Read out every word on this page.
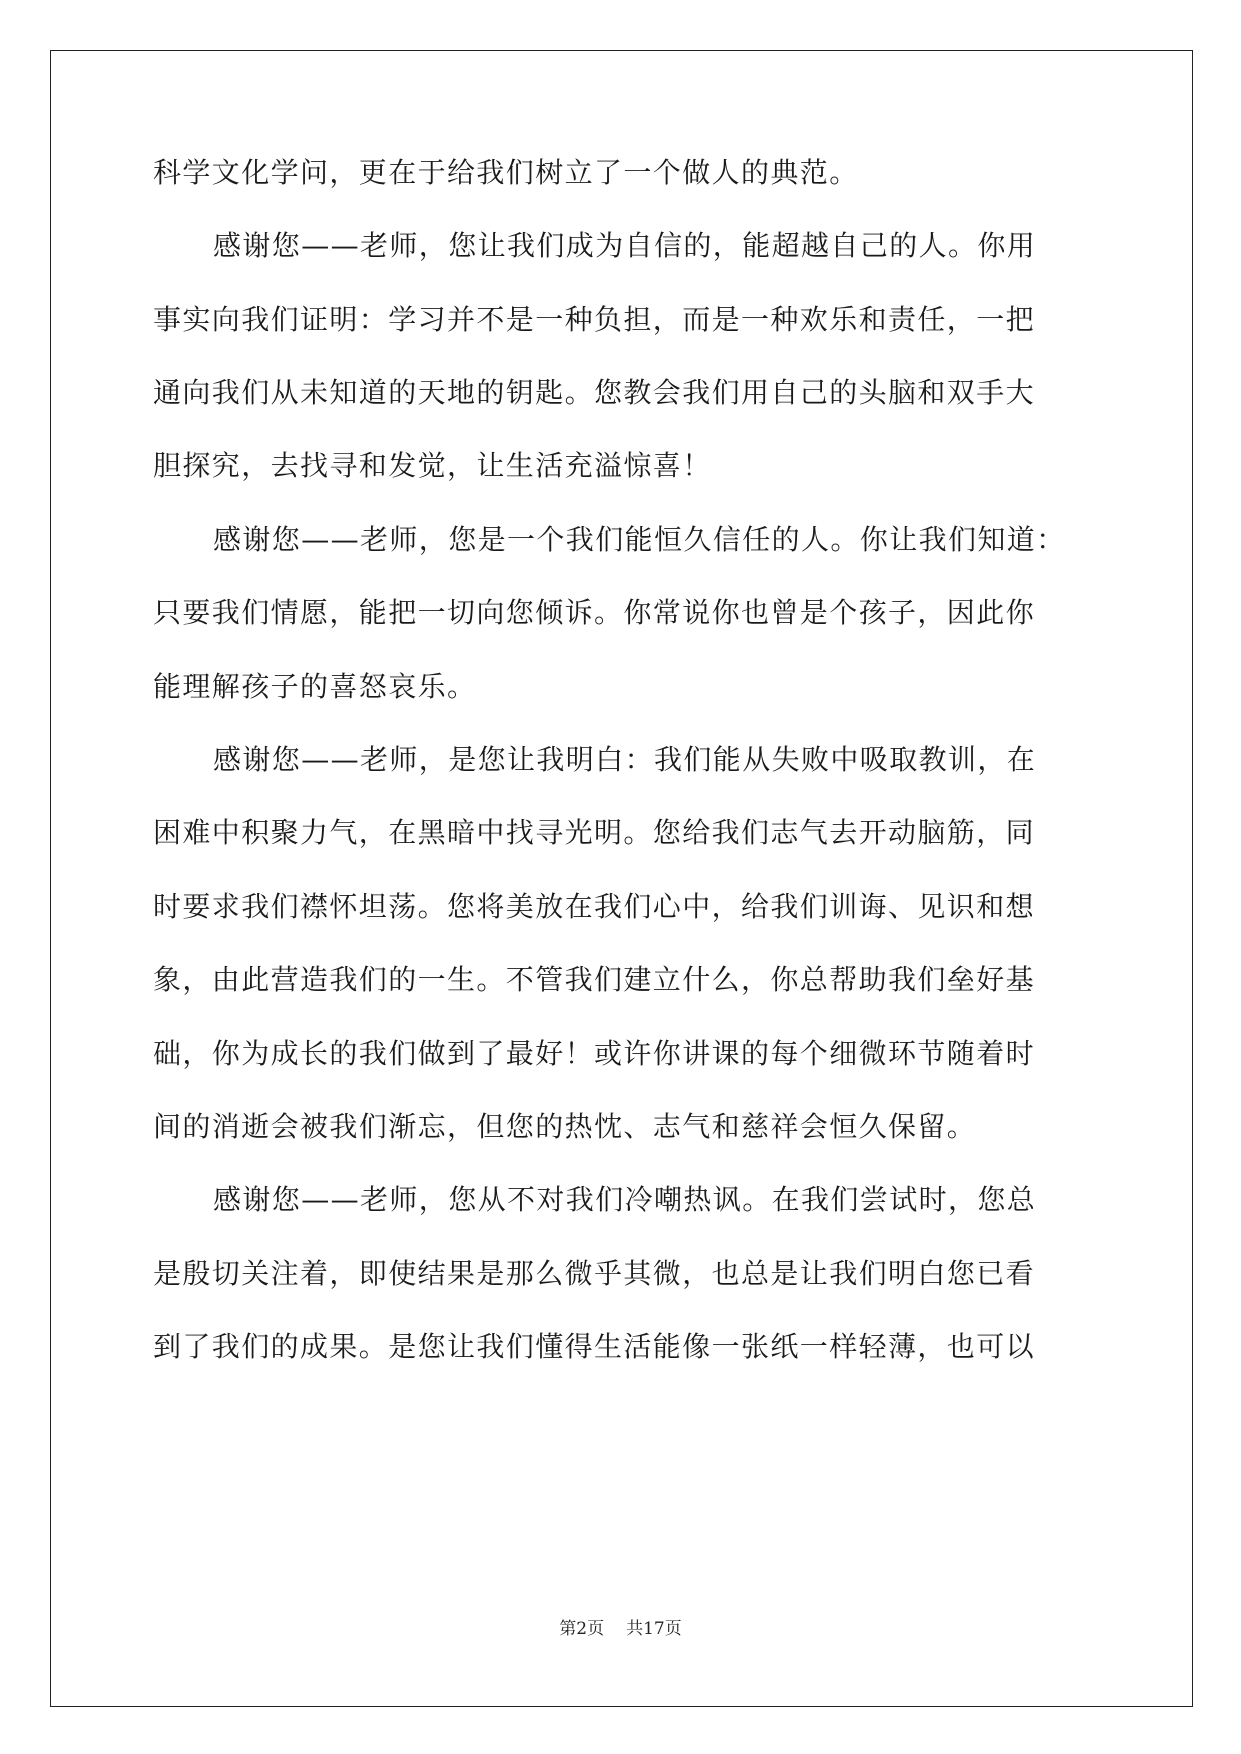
科学文化学问，更在于给我们树立了一个做人的典范。
感谢您——老师，您让我们成为自信的，能超越自己的人。你用
事实向我们证明：学习并不是一种负担，而是一种欢乐和责任，一把
通向我们从未知道的天地的钥匙。您教会我们用自己的头脑和双手大
胆探究，去找寻和发觉，让生活充溢惊喜！
感谢您——老师，您是一个我们能恒久信任的人。你让我们知道：
只要我们情愿，能把一切向您倾诉。你常说你也曾是个孩子，因此你
能理解孩子的喜怒哀乐。
感谢您——老师，是您让我明白：我们能从失败中吸取教训，在
困难中积聚力气，在黑暗中找寻光明。您给我们志气去开动脑筋，同
时要求我们襟怀坦荡。您将美放在我们心中，给我们训诲、见识和想
象，由此营造我们的一生。不管我们建立什么，你总帮助我们垒好基
础，你为成长的我们做到了最好！或许你讲课的每个细微环节随着时
间的消逝会被我们渐忘，但您的热忱、志气和慈祥会恒久保留。
感谢您——老师，您从不对我们冷嘲热讽。在我们尝试时，您总
是殷切关注着，即使结果是那么微乎其微，也总是让我们明白您已看
到了我们的成果。是您让我们懂得生活能像一张纸一样轻薄，也可以
第2页 共17页
